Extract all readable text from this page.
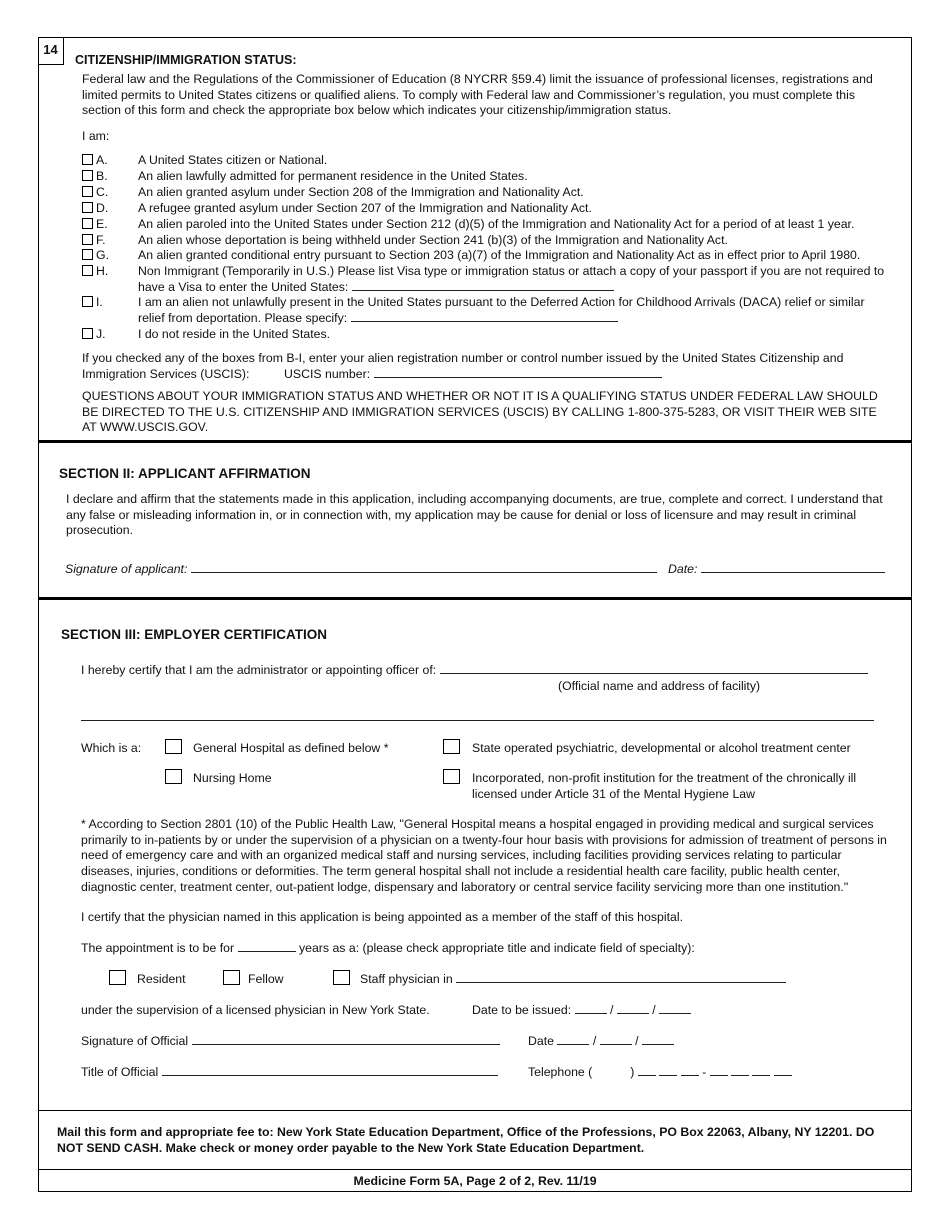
14
CITIZENSHIP/IMMIGRATION STATUS:
Federal law and the Regulations of the Commissioner of Education (8 NYCRR §59.4) limit the issuance of professional licenses, registrations and limited permits to United States citizens or qualified aliens. To comply with Federal law and Commissioner’s regulation, you must complete this section of this form and check the appropriate box below which indicates your citizenship/immigration status.
I am:
A. A United States citizen or National.
B. An alien lawfully admitted for permanent residence in the United States.
C. An alien granted asylum under Section 208 of the Immigration and Nationality Act.
D. A refugee granted asylum under Section 207 of the Immigration and Nationality Act.
E. An alien paroled into the United States under Section 212 (d)(5) of the Immigration and Nationality Act for a period of at least 1 year.
F.	An alien whose deportation is being withheld under Section 241 (b)(3) of the Immigration and Nationality Act.
G. An alien granted conditional entry pursuant to Section 203 (a)(7) of the Immigration and Nationality Act as in effect prior to April 1980.
H. Non Immigrant (Temporarily in U.S.) Please list Visa type or immigration status or attach a copy of your passport if you are not required to
have a Visa to enter the United States:
I.	I am an alien not unlawfully present in the United States pursuant to the Deferred Action for Childhood Arrivals (DACA) relief or similar
relief from deportation. Please specify:
J.	I do not reside in the United States.
If you checked any of the boxes from B-I, enter your alien registration number or control number issued by the United States Citizenship and
Immigration Services (USCIS):	USCIS number:
QUESTIONS ABOUT YOUR IMMIGRATION STATUS AND WHETHER OR NOT IT IS A QUALIFYING STATUS UNDER FEDERAL LAW SHOULD BE DIRECTED TO THE U.S. CITIZENSHIP AND IMMIGRATION SERVICES (USCIS) BY CALLING 1-800-375-5283, OR VISIT THEIR WEB SITE AT WWW.USCIS.GOV.
SECTION II: APPLICANT AFFIRMATION
I declare and affirm that the statements made in this application, including accompanying documents, are true, complete and correct. I understand that any false or misleading information in, or in connection with, my application may be cause for denial or loss of licensure and may result in criminal prosecution.
Signature of applicant:	Date:
SECTION III: EMPLOYER CERTIFICATION
I hereby certify that I am the administrator or appointing officer of:
(Official name and address of facility)
Which is a:	General Hospital as defined below *	State operated psychiatric, developmental or alcohol treatment center
Nursing Home	Incorporated, non-profit institution for the treatment of the chronically ill
licensed under Article 31 of the Mental Hygiene Law
* According to Section 2801 (10) of the Public Health Law, "General Hospital means a hospital engaged in providing medical and surgical services primarily to in-patients by or under the supervision of a physician on a twenty-four hour basis with provisions for admission of treatment of persons in need of emergency care and with an organized medical staff and nursing services, including facilities providing services relating to particular diseases, injuries, conditions or deformities. The term general hospital shall not include a residential health care facility, public health center, diagnostic center, treatment center, out-patient lodge, dispensary and laboratory or central service facility servicing more than one institution."
I certify that the physician named in this application is being appointed as a member of the staff of this hospital.
The appointment is to be for	years as a: (please check appropriate title and indicate field of specialty):
Resident	Fellow	Staff physician in
under the supervision of a licensed physician in New York State.	Date to be issued:	/	/
Signature of Official	Date	/	/
Title of Official	Telephone (	)	-
Mail this form and appropriate fee to: New York State Education Department, Office of the Professions, PO Box 22063, Albany, NY 12201. DO NOT SEND CASH. Make check or money order payable to the New York State Education Department.
Medicine Form 5A, Page 2 of 2, Rev. 11/19
